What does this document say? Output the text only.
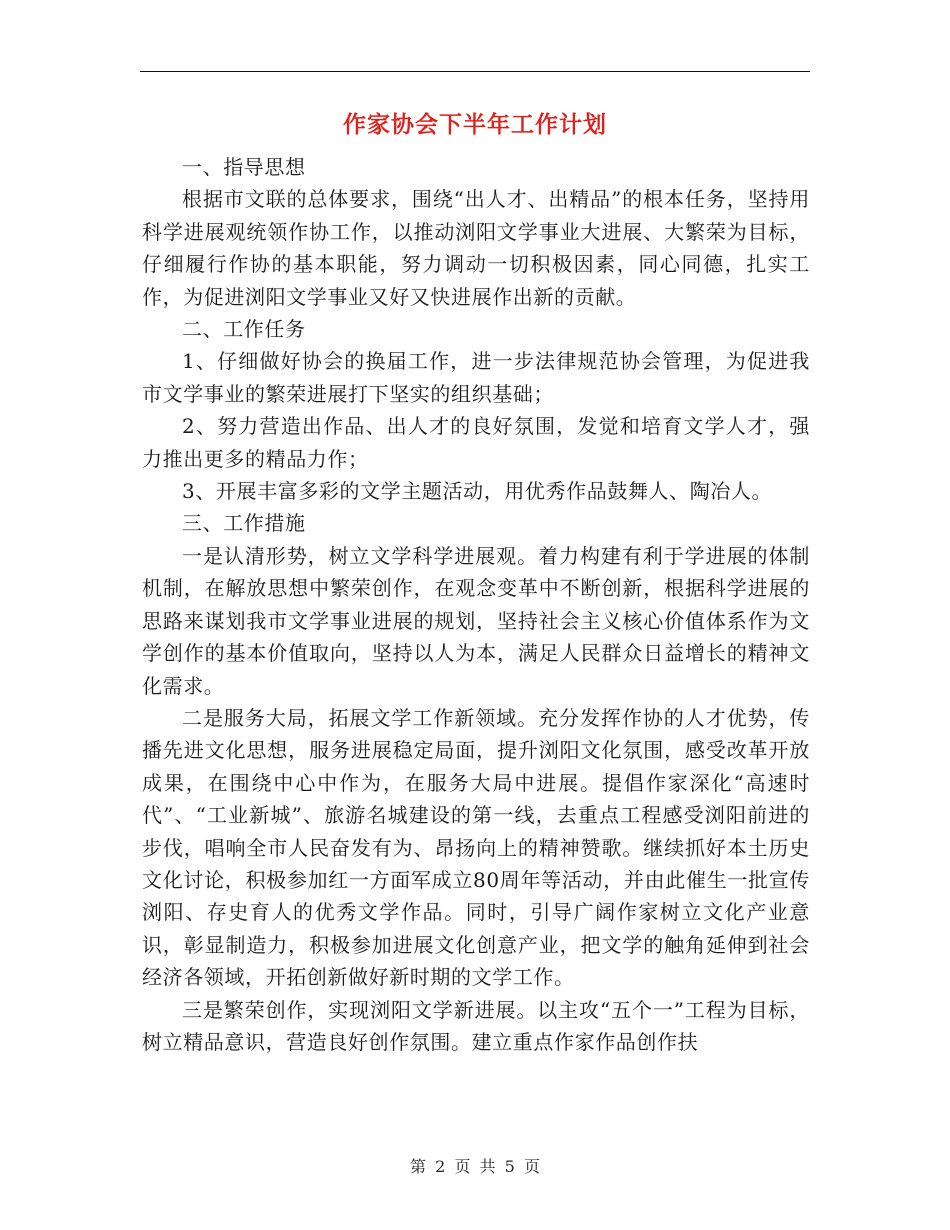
作家协会下半年工作计划

一、指导思想

根据市文联的总体要求，围绕“出人才、出精品”的根本任务，坚持用科学进展观统领作协工作，以推动浏阳文学事业大进展、大繁荣为目标，仔细履行作协的基本职能，努力调动一切积极因素，同心同德，扎实工作，为促进浏阳文学事业又好又快进展作出新的贡献。

二、工作任务

1、仔细做好协会的换届工作，进一步法律规范协会管理，为促进我市文学事业的繁荣进展打下坚实的组织基础；

2、努力营造出作品、出人才的良好氛围，发觉和培育文学人才，强力推出更多的精品力作；

3、开展丰富多彩的文学主题活动，用优秀作品鼓舞人、陶冶人。

三、工作措施

一是认清形势，树立文学科学进展观。着力构建有利于学进展的体制机制，在解放思想中繁荣创作，在观念变革中不断创新，根据科学进展的思路来谋划我市文学事业进展的规划，坚持社会主义核心价值体系作为文学创作的基本价值取向，坚持以人为本，满足人民群众日益增长的精神文化需求。

二是服务大局，拓展文学工作新领域。充分发挥作协的人才优势，传播先进文化思想，服务进展稳定局面，提升浏阳文化氛围，感受改革开放成果，在围绕中心中作为，在服务大局中进展。提倡作家深化“高速时代”、“工业新城”、旅游名城建设的第一线，去重点工程感受浏阳前进的步伐，唱响全市人民奋发有为、昂扬向上的精神赞歌。继续抓好本土历史文化讨论，积极参加红一方面军成立80周年等活动，并由此催生一批宣传浏阳、存史育人的优秀文学作品。同时，引导广阔作家树立文化产业意识，彰显制造力，积极参加进展文化创意产业，把文学的触角延伸到社会经济各领域，开拓创新做好新时期的文学工作。

三是繁荣创作，实现浏阳文学新进展。以主攻“五个一”工程为目标，树立精品意识，营造良好创作氛围。建立重点作家作品创作扶

第 2 页 共 5 页
